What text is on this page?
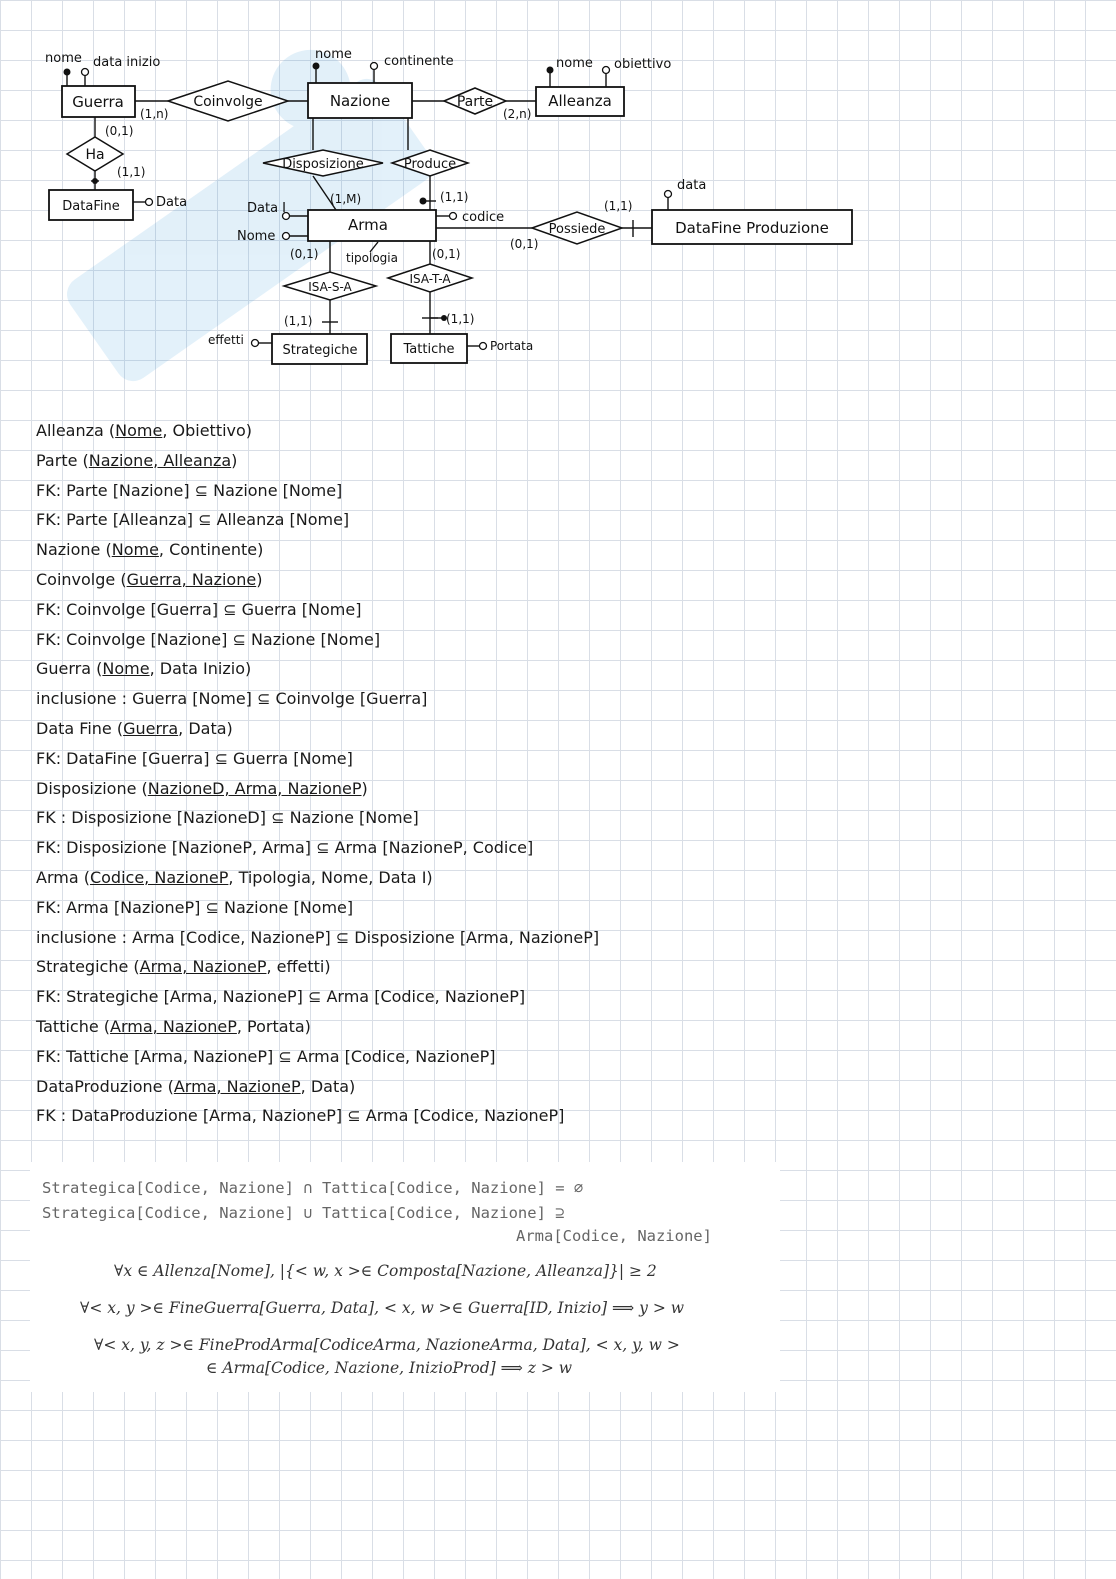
Guerra	Nazione	Alleanza
DataFine
Arma	DataFine Produzione
Strategiche	Tattiche
Coinvolge	Parte
Ha
Disposizione	Produce
Possiede
ISA-S-A
ISA-T-A
nome data inizio
nome continente	nome obiettivo
Data	Data I
Nome
codice
tipologia
data
effetti	Portata
(1,n)	(2,n)
(0,1)
(1,1)
(1,M)	(1,1)
(1,1)
(0,1)
(0,1)	(0,1)
(1,1)	(1,1)
Alleanza (Nome, Obiettivo)
Parte (Nazione, Alleanza)
FK: Parte [Nazione] ⊆ Nazione [Nome]
FK: Parte [Alleanza] ⊆ Alleanza [Nome]
Nazione (Nome, Continente)
Coinvolge (Guerra, Nazione)
FK: Coinvolge [Guerra] ⊆ Guerra [Nome]
FK: Coinvolge [Nazione] ⊆ Nazione [Nome]
Guerra (Nome, Data Inizio)
inclusione : Guerra [Nome] ⊆ Coinvolge [Guerra]
Data Fine (Guerra, Data)
FK: DataFine [Guerra] ⊆ Guerra [Nome]
Disposizione (NazioneD, Arma, NazioneP)
FK : Disposizione [NazioneD] ⊆ Nazione [Nome]
FK: Disposizione [NazioneP, Arma] ⊆ Arma [NazioneP, Codice]
Arma (Codice, NazioneP, Tipologia, Nome, Data I)
FK: Arma [NazioneP] ⊆ Nazione [Nome]
inclusione : Arma [Codice, NazioneP] ⊆ Disposizione [Arma, NazioneP]
Strategiche (Arma, NazioneP, effetti)
FK: Strategiche [Arma, NazioneP] ⊆ Arma [Codice, NazioneP]
Tattiche (Arma, NazioneP, Portata)
FK: Tattiche [Arma, NazioneP] ⊆ Arma [Codice, NazioneP]
DataProduzione (Arma, NazioneP, Data)
FK : DataProduzione [Arma, NazioneP] ⊆ Arma [Codice, NazioneP]
Strategica[Codice, Nazione] ∩ Tattica[Codice, Nazione] = ∅
Strategica[Codice, Nazione] ∪ Tattica[Codice, Nazione] ⊇
Arma[Codice, Nazione]
∀x ∈ Allenza[Nome], |{< w, x >∈ Composta[Nazione, Alleanza]}| ≥ 2
∀< x, y >∈ FineGuerra[Guerra, Data], < x, w >∈ Guerra[ID, Inizio] ⟹ y > w
∀< x, y, z >∈ FineProdArma[CodiceArma, NazioneArma, Data], < x, y, w >
∈ Arma[Codice, Nazione, InizioProd] ⟹ z > w
